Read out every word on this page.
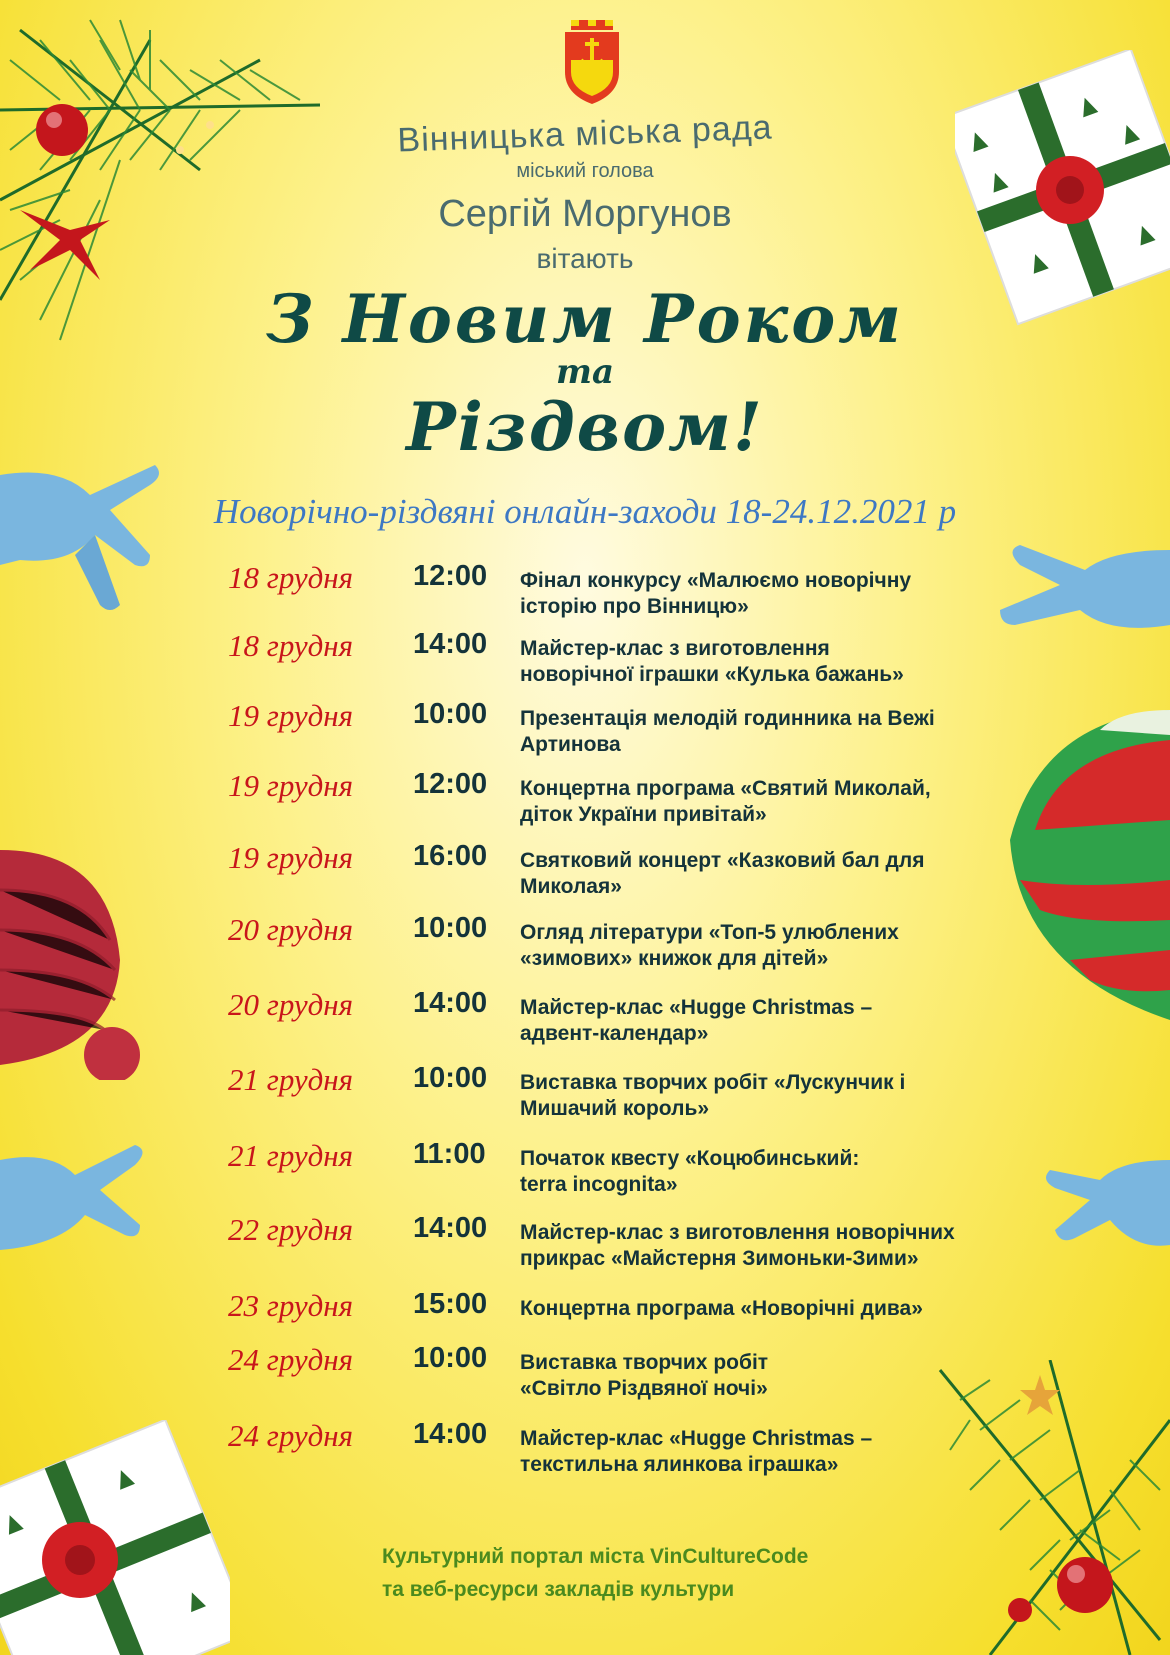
Вінницька міська рада
міський голова
Сергій Моргунов
вітають
З Новим Роком
та
Різдвом!
Новорічно-різдвяні онлайн-заходи 18-24.12.2021 р
18 грудня 12:00 Фінал конкурсу «Малюємо новорічну
історію про Вінницю»
18 грудня 14:00 Майстер-клас з виготовлення
новорічної іграшки «Кулька бажань»
19 грудня 10:00 Презентація мелодій годинника на Вежі
Артинова
19 грудня 12:00 Концертна програма «Святий Миколай,
діток України привітай»
19 грудня 16:00 Святковий концерт «Казковий бал для
Миколая»
20 грудня 10:00 Огляд літератури «Топ-5 улюблених
«зимових» книжок для дітей»
20 грудня 14:00 Майстер-клас «Hugge Christmas –
адвент-календар»
21 грудня 10:00 Виставка творчих робіт «Лускунчик і
Мишачий король»
21 грудня 11:00 Початок квесту «Коцюбинський:
terra incognita»
22 грудня 14:00 Майстер-клас з виготовлення новорічних
прикрас «Майстерня Зимоньки-Зими»
23 грудня 15:00 Концертна програма «Новорічні дива»
24 грудня 10:00 Виставка творчих робіт
«Світло Різдвяної ночі»
24 грудня 14:00 Майстер-клас «Hugge Christmas –
текстильна ялинкова іграшка»
Культурний портал міста VinCultureCode
та веб-ресурси закладів культури
